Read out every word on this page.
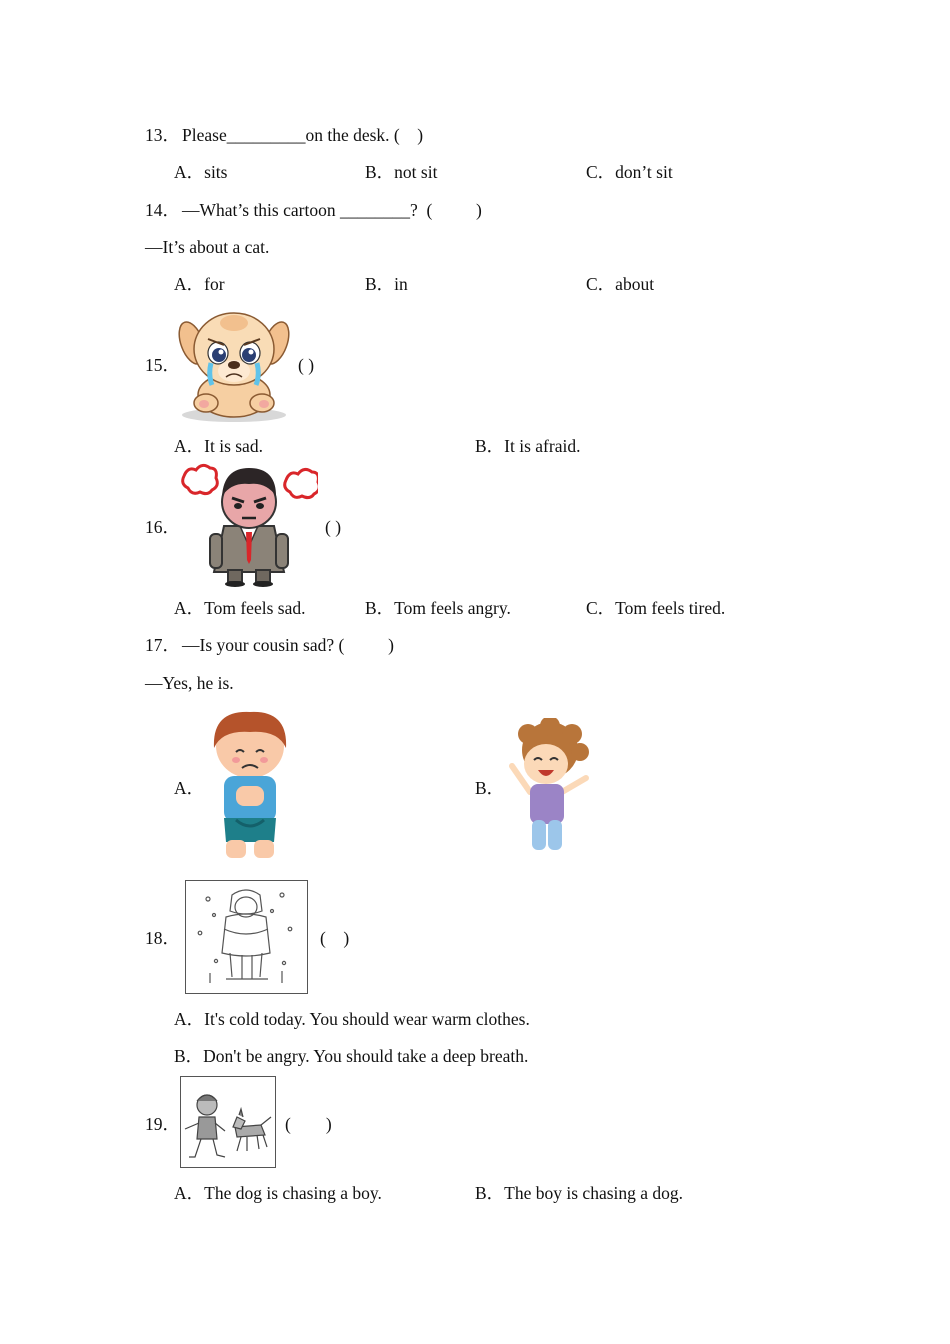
13． Please_________on the desk. (    )
A．sits	B．not sit	C．don’t sit
14． —What’s this cartoon ________?  (          )
—It’s about a cat.
A．for	B．in	C．about
15．	( )
A．It is sad.	B．It is afraid.
16．	( )
A．Tom feels sad.	B．Tom feels angry.	C．Tom feels tired.
17． —Is your cousin sad? (          )
—Yes, he is.
A．	B．
18．	(    )
A．It's cold today. You should wear warm clothes.
B．Don't be angry. You should take a deep breath.
19．	(        )
A．The dog is chasing a boy.	B．The boy is chasing a dog.
